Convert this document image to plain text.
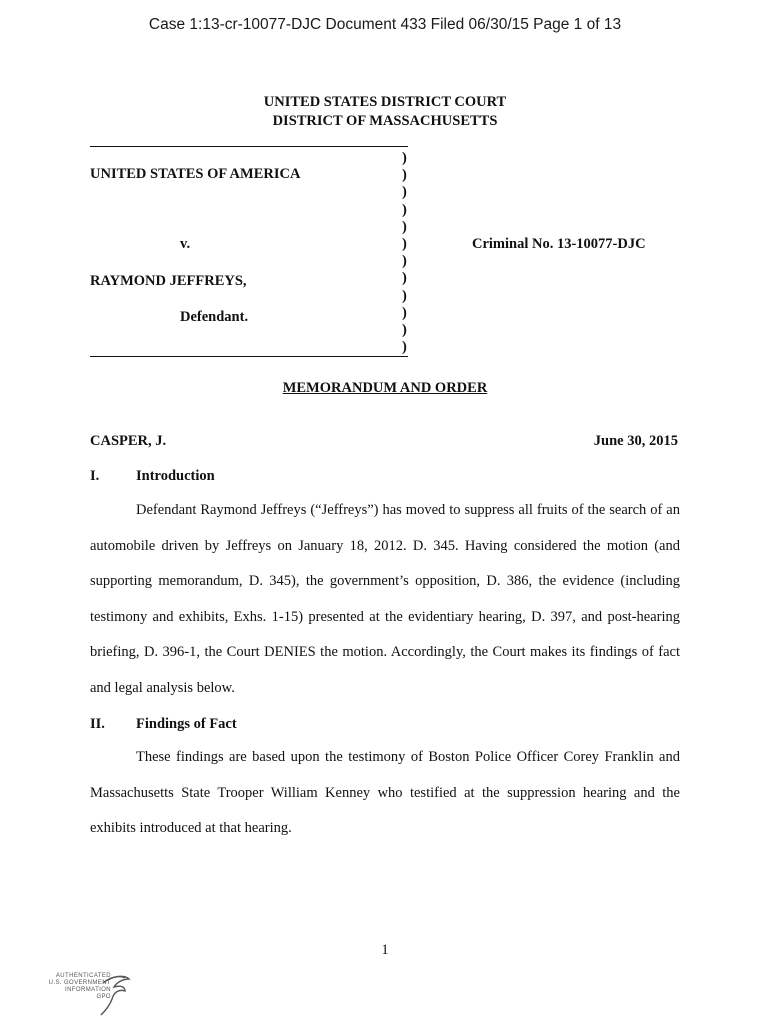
Case 1:13-cr-10077-DJC Document 433 Filed 06/30/15 Page 1 of 13
UNITED STATES DISTRICT COURT
DISTRICT OF MASSACHUSETTS
UNITED STATES OF AMERICA
v.
RAYMOND JEFFREYS,
Defendant.
Criminal No. 13-10077-DJC
)
)
)
)
)
)
)
)
)
)
)
)
MEMORANDUM AND ORDER
CASPER, J.	June 30, 2015
I.	Introduction
Defendant Raymond Jeffreys (“Jeffreys”) has moved to suppress all fruits of the search of an automobile driven by Jeffreys on January 18, 2012. D. 345. Having considered the motion (and supporting memorandum, D. 345), the government’s opposition, D. 386, the evidence (including testimony and exhibits, Exhs. 1-15) presented at the evidentiary hearing, D. 397, and post-hearing briefing, D. 396-1, the Court DENIES the motion. Accordingly, the Court makes its findings of fact and legal analysis below.
II. Findings of Fact
These findings are based upon the testimony of Boston Police Officer Corey Franklin and Massachusetts State Trooper William Kenney who testified at the suppression hearing and the exhibits introduced at that hearing.
1
AUTHENTICATED
U.S. GOVERNMENT
INFORMATION
GPO
